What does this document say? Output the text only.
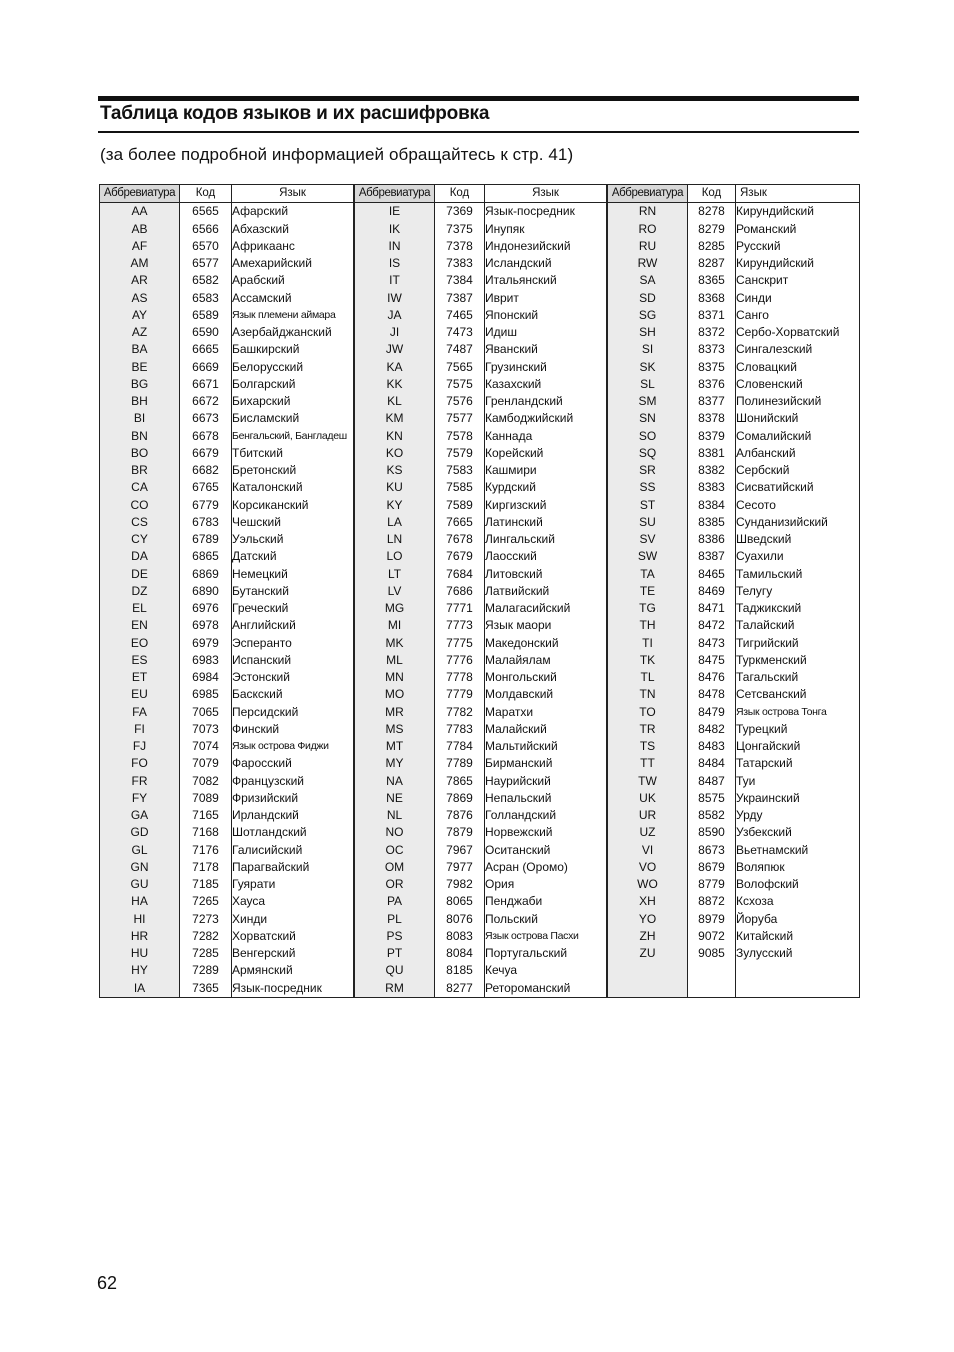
Таблица кодов языков и их расшифровка
(за более подробной информацией обращайтесь к стр. 41)
Аббревиатура	Код	Язык
AA	6565	Афарский
AB	6566	Абхазский
AF	6570	Африкаанс
AM	6577	Амехарийский
AR	6582	Арабский
AS	6583	Ассамский
AY	6589	Язык племени аймара
AZ	6590	Азербайджанский
BA	6665	Башкирский
BE	6669	Белорусский
BG	6671	Болгарский
BH	6672	Бихарский
BI	6673	Бисламский
BN	6678	Бенгальский, Бангладеш
BO	6679	Тбитский
BR	6682	Бретонский
CA	6765	Каталонский
CO	6779	Корсиканский
CS	6783	Чешский
CY	6789	Уэльский
DA	6865	Датский
DE	6869	Немецкий
DZ	6890	Бутанский
EL	6976	Греческий
EN	6978	Английский
EO	6979	Эсперанто
ES	6983	Испанский
ET	6984	Эстонский
EU	6985	Баскский
FA	7065	Персидский
FI	7073	Финский
FJ	7074	Язык острова Фиджи
FO	7079	Фаросский
FR	7082	Французский
FY	7089	Фризийский
GA	7165	Ирландский
GD	7168	Шотландский
GL	7176	Галисийский
GN	7178	Парагвайский
GU	7185	Гуярати
HA	7265	Хауса
HI	7273	Хинди
HR	7282	Хорватский
HU	7285	Венгерский
HY	7289	Армянский
IA	7365	Язык-посредник
Аббревиатура	Код	Язык
IE	7369	Язык-посредник
IK	7375	Инупяк
IN	7378	Индонезийский
IS	7383	Исландский
IT	7384	Итальянский
IW	7387	Иврит
JA	7465	Японский
JI	7473	Идиш
JW	7487	Яванский
KA	7565	Грузинский
KK	7575	Казахский
KL	7576	Гренландский
KM	7577	Камбоджийский
KN	7578	Каннада
KO	7579	Корейский
KS	7583	Кашмири
KU	7585	Курдский
KY	7589	Киргизский
LA	7665	Латинский
LN	7678	Лингальский
LO	7679	Лаосский
LT	7684	Литовский
LV	7686	Латвийский
MG	7771	Малагасийский
MI	7773	Язык маори
MK	7775	Македонский
ML	7776	Малайялам
MN	7778	Монгольский
MO	7779	Молдавский
MR	7782	Маратхи
MS	7783	Малайский
MT	7784	Мальтийский
MY	7789	Бирманский
NA	7865	Наурийский
NE	7869	Непальский
NL	7876	Голландский
NO	7879	Норвежский
OC	7967	Оситанский
OM	7977	Асран (Оромо)
OR	7982	Ория
PA	8065	Пенджаби
PL	8076	Польский
PS	8083	Язык острова Пасхи
PT	8084	Португальский
QU	8185	Кечуа
RM	8277	Ретороманский
Аббревиатура	Код	Язык
RN	8278	Кирундийский
RO	8279	Романский
RU	8285	Русский
RW	8287	Кирундийский
SA	8365	Санскрит
SD	8368	Синди
SG	8371	Санго
SH	8372	Сербо-Хорватский
SI	8373	Сингалезский
SK	8375	Словацкий
SL	8376	Словенский
SM	8377	Полинезийский
SN	8378	Шонийский
SO	8379	Сомалийский
SQ	8381	Албанский
SR	8382	Сербский
SS	8383	Сисватийский
ST	8384	Сесото
SU	8385	Сунданизийский
SV	8386	Шведский
SW	8387	Суахили
TA	8465	Тамильский
TE	8469	Телугу
TG	8471	Таджикский
TH	8472	Талайский
TI	8473	Тигрийский
TK	8475	Туркменский
TL	8476	Тагальский
TN	8478	Сетсванский
TO	8479	Язык острова Тонга
TR	8482	Турецкий
TS	8483	Цонгайский
TT	8484	Татарский
TW	8487	Туи
UK	8575	Украинский
UR	8582	Урду
UZ	8590	Узбекский
VI	8673	Вьетнамский
VO	8679	Воляпюк
WO	8779	Волофский
XH	8872	Ксхоза
YO	8979	Йоруба
ZH	9072	Китайский
ZU	9085	Зулусский

62
